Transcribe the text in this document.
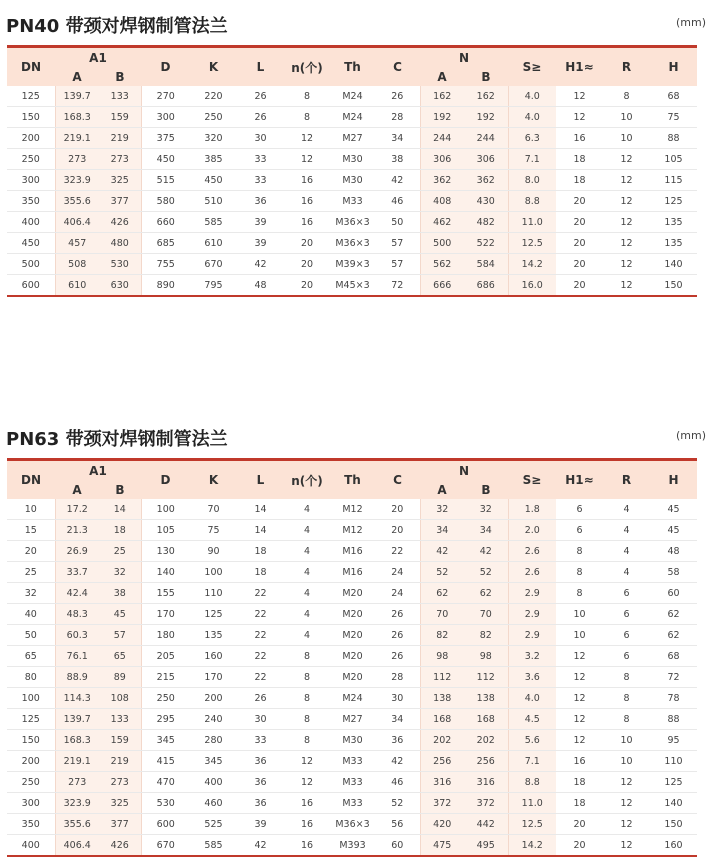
PN40 带颈对焊钢制管法兰	(mm)

DN	A1		D	K	L	n(个)	Th	C	N		S≥	H1≈	R	H
	A	B							A	B				
125	139.7	133	270	220	26	8	M24	26	162	162	4.0	12	8	68
150	168.3	159	300	250	26	8	M24	28	192	192	4.0	12	10	75
200	219.1	219	375	320	30	12	M27	34	244	244	6.3	16	10	88
250	273	273	450	385	33	12	M30	38	306	306	7.1	18	12	105
300	323.9	325	515	450	33	16	M30	42	362	362	8.0	18	12	115
350	355.6	377	580	510	36	16	M33	46	408	430	8.8	20	12	125
400	406.4	426	660	585	39	16	M36×3	50	462	482	11.0	20	12	135
450	457	480	685	610	39	20	M36×3	57	500	522	12.5	20	12	135
500	508	530	755	670	42	20	M39×3	57	562	584	14.2	20	12	140
600	610	630	890	795	48	20	M45×3	72	666	686	16.0	20	12	150
PN63 带颈对焊钢制管法兰	(mm)

DN	A1		D	K	L	n(个)	Th	C	N		S≥	H1≈	R	H
	A	B							A	B				
10	17.2	14	100	70	14	4	M12	20	32	32	1.8	6	4	45
15	21.3	18	105	75	14	4	M12	20	34	34	2.0	6	4	45
20	26.9	25	130	90	18	4	M16	22	42	42	2.6	8	4	48
25	33.7	32	140	100	18	4	M16	24	52	52	2.6	8	4	58
32	42.4	38	155	110	22	4	M20	24	62	62	2.9	8	6	60
40	48.3	45	170	125	22	4	M20	26	70	70	2.9	10	6	62
50	60.3	57	180	135	22	4	M20	26	82	82	2.9	10	6	62
65	76.1	65	205	160	22	8	M20	26	98	98	3.2	12	6	68
80	88.9	89	215	170	22	8	M20	28	112	112	3.6	12	8	72
100	114.3	108	250	200	26	8	M24	30	138	138	4.0	12	8	78
125	139.7	133	295	240	30	8	M27	34	168	168	4.5	12	8	88
150	168.3	159	345	280	33	8	M30	36	202	202	5.6	12	10	95
200	219.1	219	415	345	36	12	M33	42	256	256	7.1	16	10	110
250	273	273	470	400	36	12	M33	46	316	316	8.8	18	12	125
300	323.9	325	530	460	36	16	M33	52	372	372	11.0	18	12	140
350	355.6	377	600	525	39	16	M36×3	56	420	442	12.5	20	12	150
400	406.4	426	670	585	42	16	M393	60	475	495	14.2	20	12	160
